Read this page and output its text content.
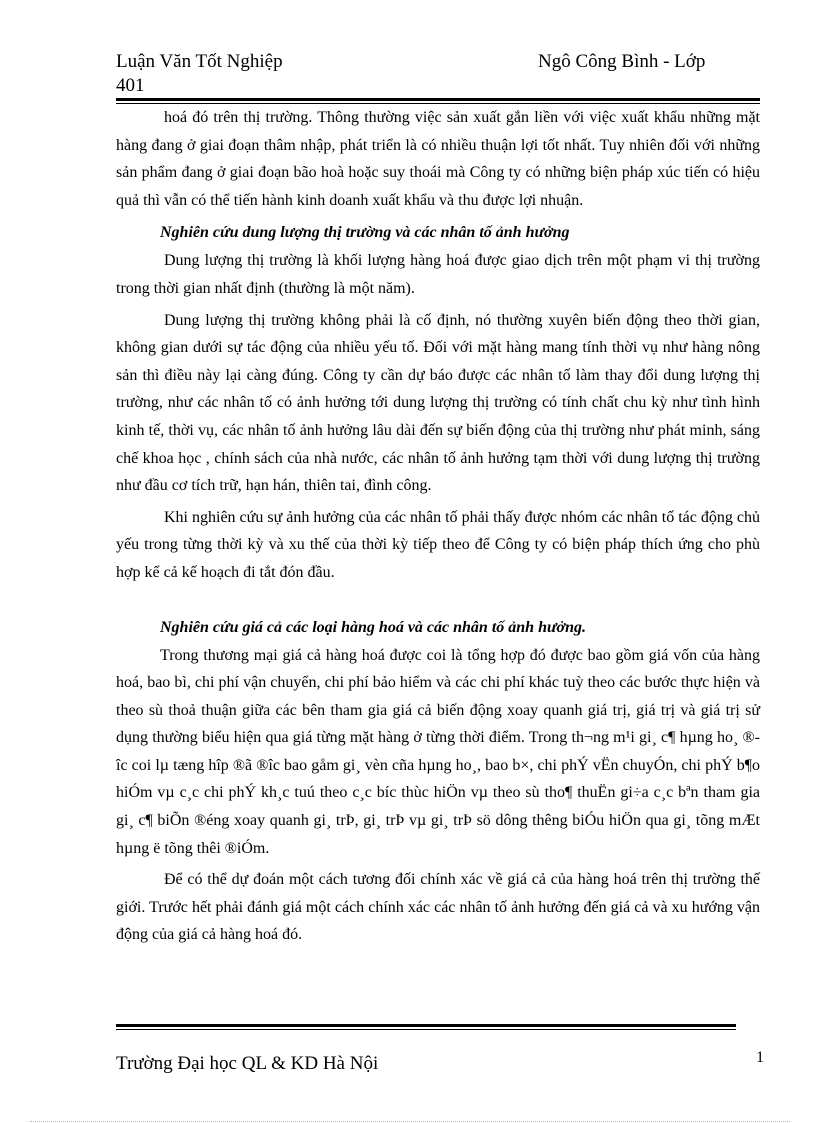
Luận Văn Tốt Nghiệp
401
Ngô Công Bình - Lớp

hoá đó trên thị trường. Thông thường việc sản xuất gắn liền với việc xuất khẩu những mặt hàng đang ở giai đoạn thâm nhập, phát triển là có nhiều thuận lợi tốt nhất. Tuy nhiên đối với những sản phẩm đang ở giai đoạn bão hoà hoặc suy thoái mà Công ty có những biện pháp xúc tiến có hiệu quả thì vẫn có thể tiến hành kinh doanh xuất khẩu và thu được lợi nhuận.

Nghiên cứu dung lượng thị trường và các nhân tố ảnh hưởng

Dung lượng thị trường là khối lượng hàng hoá được giao dịch trên một phạm vi thị trường trong thời gian nhất định (thường là một năm).

Dung lượng thị trường không phải là cố định, nó thường xuyên biến động theo thời gian, không gian dưới sự tác động của nhiều yếu tố. Đối với mặt hàng mang tính thời vụ như hàng nông sản thì điều này lại càng đúng. Công ty cần dự báo được các nhân tố làm thay đổi dung lượng thị trường, như các nhân tố có ảnh hưởng tới dung lượng thị trường có tính chất chu kỳ như tình hình kinh tế, thời vụ, các nhân tố ảnh hưởng lâu dài đến sự biến động của thị trường như phát minh, sáng chế khoa học , chính sách của nhà nước, các nhân tố ảnh hưởng tạm thời với dung lượng thị trường như đầu cơ tích trữ, hạn hán, thiên tai, đình công.

Khi nghiên cứu sự ảnh hưởng của các nhân tố phải thấy được nhóm các nhân tố tác động chủ yếu trong từng thời kỳ và xu thế của thời kỳ tiếp theo để Công ty có biện pháp thích ứng cho phù hợp kể cả kế hoạch đi tắt đón đầu.

Nghiên cứu giá cả các loại hàng hoá và các nhân tố ảnh hưởng.

Trong thương mại giá cả hàng hoá được coi là tổng hợp đó được bao gồm giá vốn của hàng hoá, bao bì, chi phí vận chuyển, chi phí bảo hiểm và các chi phí khác tuỳ theo các bước thực hiện và theo sù thoả thuận giữa các bên tham gia giá cả biến động xoay quanh giá trị, giá trị và giá trị sử dụng thường biểu hiện qua giá từng mặt hàng ở từng thời điểm. Trong th¬ng m¹i gi¸ c¶ hµng ho¸ ®îc coi lµ tæng hîp ®ã ®îc bao gåm gi¸ vèn cña hµng ho¸, bao b×, chi phÝ vËn chuyÓn, chi phÝ b¶o hiÓm vµ c¸c chi phÝ kh¸c tuú theo c¸c bíc thùc hiÖn vµ theo sù tho¶ thuËn gi÷a c¸c bªn tham gia gi¸ c¶ biÕn ®éng xoay quanh gi¸ trÞ, gi¸ trÞ vµ gi¸ trÞ sö dông thêng biÓu hiÖn qua gi¸ tõng mÆt hµng ë tõng thêi ®iÓm.

Để có thể dự đoán một cách tương đối chính xác về giá cả của hàng hoá trên thị trường thế giới. Trước hết phải đánh giá một cách chính xác các nhân tố ảnh hưởng đến giá cả và xu hướng vận động của giá cả hàng hoá đó.

Trường Đại học QL & KD Hà Nội	1
